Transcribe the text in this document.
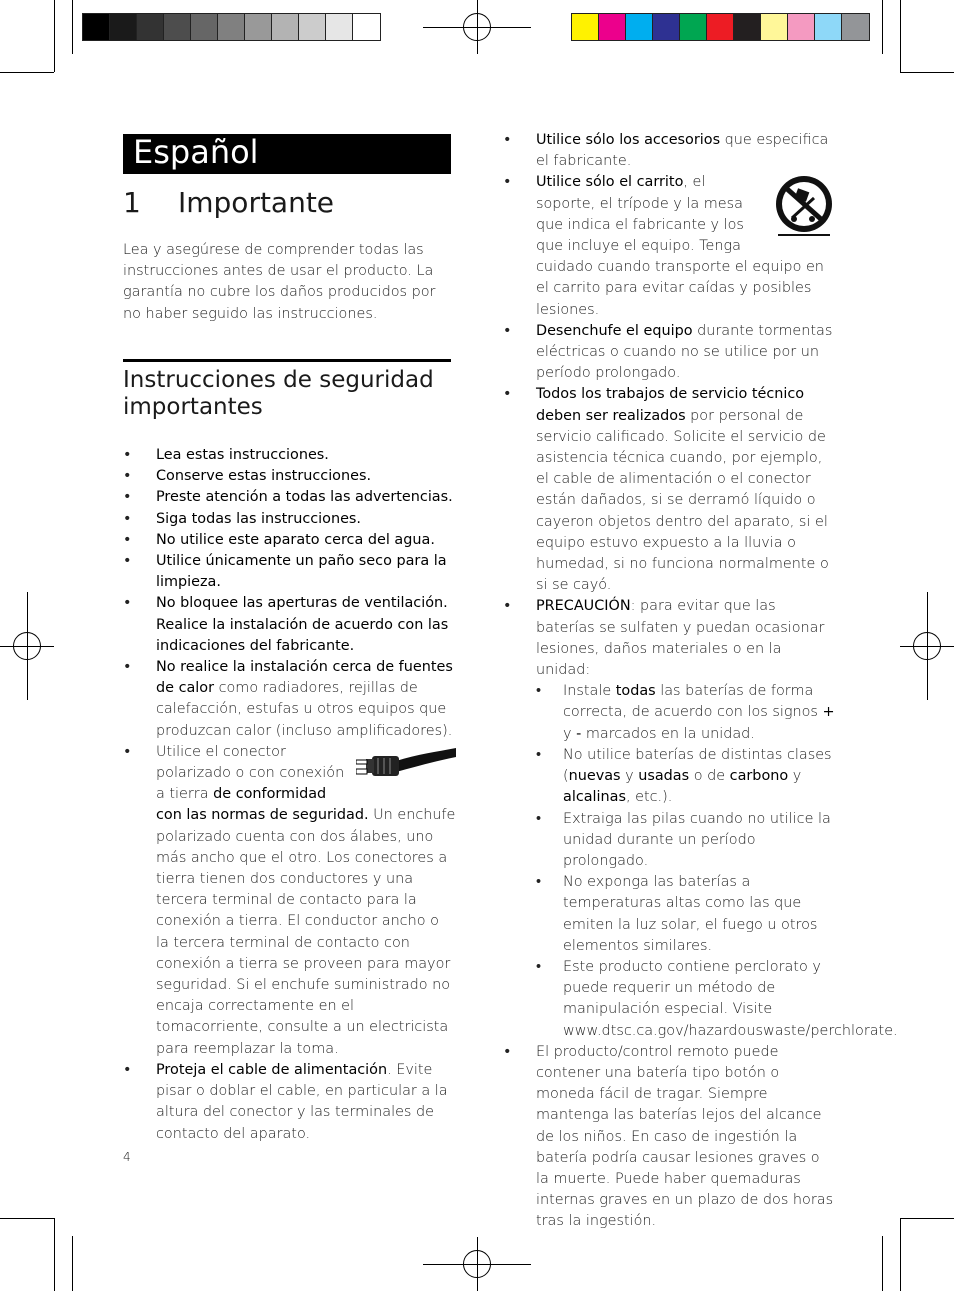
Español
1 Importante
Lea y asegúrese de comprender todas las instrucciones antes de usar el producto. La garantía no cubre los daños producidos por no haber seguido las instrucciones.
Instrucciones de seguridad importantes
• Lea estas instrucciones.
• Conserve estas instrucciones.
• Preste atención a todas las advertencias.
• Siga todas las instrucciones.
• No utilice este aparato cerca del agua.
• Utilice únicamente un paño seco para la limpieza.
• No bloquee las aperturas de ventilación. Realice la instalación de acuerdo con las indicaciones del fabricante.
• No realice la instalación cerca de fuentes de calor como radiadores, rejillas de calefacción, estufas u otros equipos que produzcan calor (incluso amplificadores).
• Utilice el conector polarizado o con conexión a tierra de conformidad con las normas de seguridad. Un enchufe polarizado cuenta con dos álabes, uno más ancho que el otro. Los conectores a tierra tienen dos conductores y una tercera terminal de contacto para la conexión a tierra. El conductor ancho o la tercera terminal de contacto con conexión a tierra se proveen para mayor seguridad. Si el enchufe suministrado no encaja correctamente en el tomacorriente, consulte a un electricista para reemplazar la toma.
• Proteja el cable de alimentación. Evite pisar o doblar el cable, en particular a la altura del conector y las terminales de contacto del aparato.
• Utilice sólo los accesorios que especifica el fabricante.
• Utilice sólo el carrito, el soporte, el trípode y la mesa que indica el fabricante y los que incluye el equipo. Tenga cuidado cuando transporte el equipo en el carrito para evitar caídas y posibles lesiones.
• Desenchufe el equipo durante tormentas eléctricas o cuando no se utilice por un período prolongado.
• Todos los trabajos de servicio técnico deben ser realizados por personal de servicio calificado. Solicite el servicio de asistencia técnica cuando, por ejemplo, el cable de alimentación o el conector están dañados, si se derramó líquido o cayeron objetos dentro del aparato, si el equipo estuvo expuesto a la lluvia o humedad, si no funciona normalmente o si se cayó.
• PRECAUCIÓN: para evitar que las baterías se sulfaten y puedan ocasionar lesiones, daños materiales o en la unidad:
• Instale todas las baterías de forma correcta, de acuerdo con los signos + y - marcados en la unidad.
• No utilice baterías de distintas clases (nuevas y usadas o de carbono y alcalinas, etc.).
• Extraiga las pilas cuando no utilice la unidad durante un período prolongado.
• No exponga las baterías a temperaturas altas como las que emiten la luz solar, el fuego u otros elementos similares.
• Este producto contiene perclorato y puede requerir un método de manipulación especial. Visite www.dtsc.ca.gov/hazardouswaste/perchlorate.
• El producto/control remoto puede contener una batería tipo botón o moneda fácil de tragar. Siempre mantenga las baterías lejos del alcance de los niños. En caso de ingestión la batería podría causar lesiones graves o la muerte. Puede haber quemaduras internas graves en un plazo de dos horas tras la ingestión.
4
